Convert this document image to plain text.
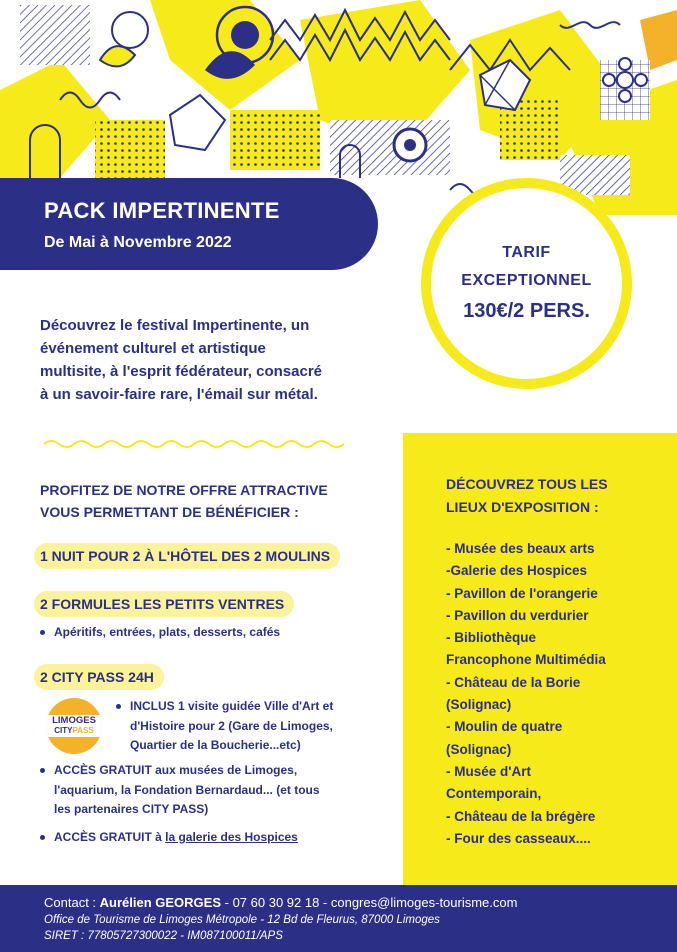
PACK IMPERTINENTE
De Mai à Novembre 2022
TARIF
EXCEPTIONNEL
130€/2 PERS.
Découvrez le festival Impertinente, un
événement culturel et artistique
multisite, à l'esprit fédérateur, consacré
à un savoir-faire rare, l'émail sur métal.
DÉCOUVREZ TOUS LES
LIEUX D'EXPOSITION :
- Musée des beaux arts
-Galerie des Hospices
- Pavillon de l'orangerie
- Pavillon du verdurier
- Bibliothèque
Francophone Multimédia
- Château de la Borie
(Solignac)
- Moulin de quatre
(Solignac)
- Musée d'Art
Contemporain,
- Château de la brégère
- Four des casseaux....
PROFITEZ DE NOTRE OFFRE ATTRACTIVE
VOUS PERMETTANT DE BÉNÉFICIER :
1 NUIT POUR 2 À L'HÔTEL DES 2 MOULINS
2 FORMULES LES PETITS VENTRES
Apéritifs, entrées, plats, desserts, cafés
2 CITY PASS 24H
LIMOGES
CITYPASS
INCLUS 1 visite guidée Ville d'Art et
d'Histoire pour 2 (Gare de Limoges,
Quartier de la Boucherie...etc)
ACCÈS GRATUIT aux musées de Limoges,
l'aquarium, la Fondation Bernardaud... (et tous
les partenaires CITY PASS)
ACCÈS GRATUIT à la galerie des Hospices
Contact : Aurélien GEORGES - 07 60 30 92 18 - congres@limoges-tourisme.com
Office de Tourisme de Limoges Métropole - 12 Bd de Fleurus, 87000 Limoges
SIRET : 77805727300022 - IM087100011/APS
